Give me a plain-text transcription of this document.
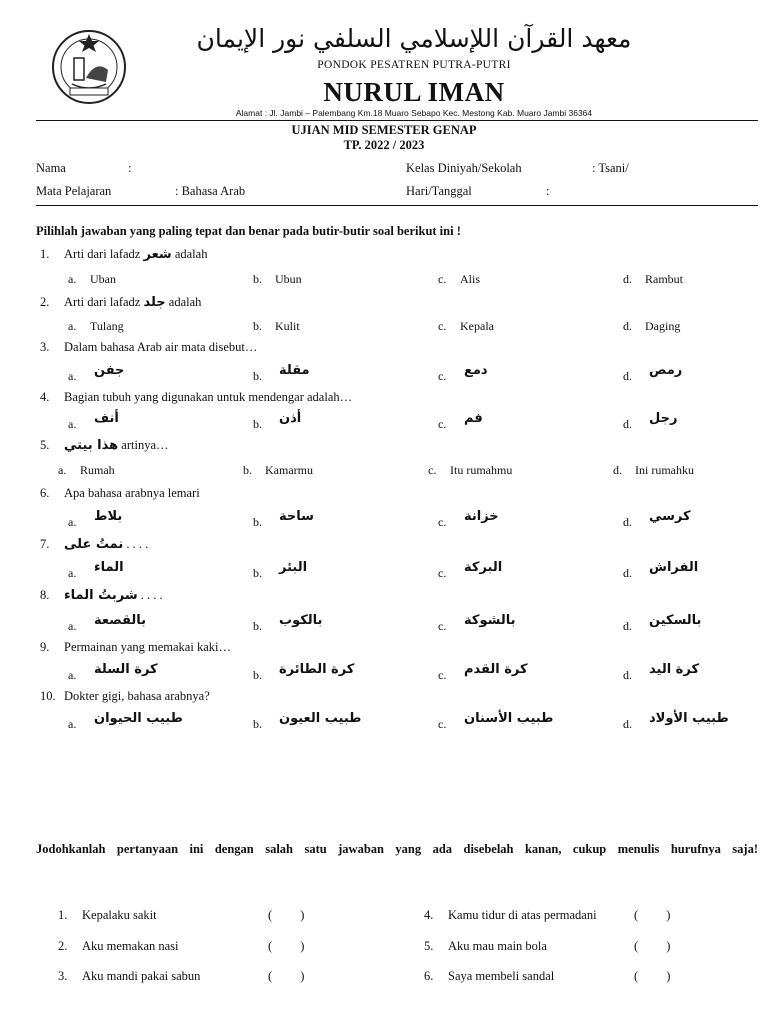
معهد القرآن اللإسلامي السلفي نور الإيمان
PONDOK PESATREN PUTRA-PUTRI
NURUL IMAN
Alamat : Jl. Jambi – Palembang Km.18 Muaro Sebapo Kec. Mestong Kab. Muaro Jambi 36364
UJIAN MID SEMESTER GENAP
TP. 2022 / 2023
Nama	:	Kelas Diniyah/Sekolah	: Tsani/
Mata Pelajaran	: Bahasa Arab	Hari/Tanggal	:
Pilihlah jawaban yang paling tepat dan benar pada butir-butir soal berikut ini !
1. Arti dari lafadz شعر adalah
a. Uban	b. Ubun	c. Alis	d. Rambut
2. Arti dari lafadz جلد adalah
a. Tulang	b. Kulit	c. Kepala	d. Daging
3. Dalam bahasa Arab air mata disebut…
a. جفن	b. مقلة	c. دمع	d. رمص
4. Bagian tubuh yang digunakan untuk mendengar adalah…
a. أنف	b. أذن	c. فم	d. رجل
5. هذا بيتي artinya…
a. Rumah	b. Kamarmu	c. Itu rumahmu	d. Ini rumahku
6. Apa bahasa arabnya lemari
a. بلاط	b. ساحة	c. خزانة	d. كرسي
7. نمتُ على . . . .
a. الماء	b. البئر	c. البركة	d. الفراش
8. شربتُ الماء . . . .
a. بالقصعة	b. بالكوب	c. بالشوكة	d. بالسكين
9. Permainan yang memakai kaki…
a. كرة السلة	b. كرة الطائرة	c. كرة القدم	d. كرة اليد
10. Dokter gigi, bahasa arabnya?
a. طبيب الحيوان	b. طبيب العيون	c. طبيب الأسنان	d. طبيب الأولاد
Jodohkanlah pertanyaan ini dengan salah satu jawaban yang ada disebelah kanan, cukup menulis hurufnya saja!
1. Kepalaku sakit	(         )
2. Aku memakan nasi	(         )
3. Aku mandi pakai sabun	(         )
4. Kamu tidur di atas permadani	(         )
5. Aku mau main bola	(         )
6. Saya membeli sandal	(         )
